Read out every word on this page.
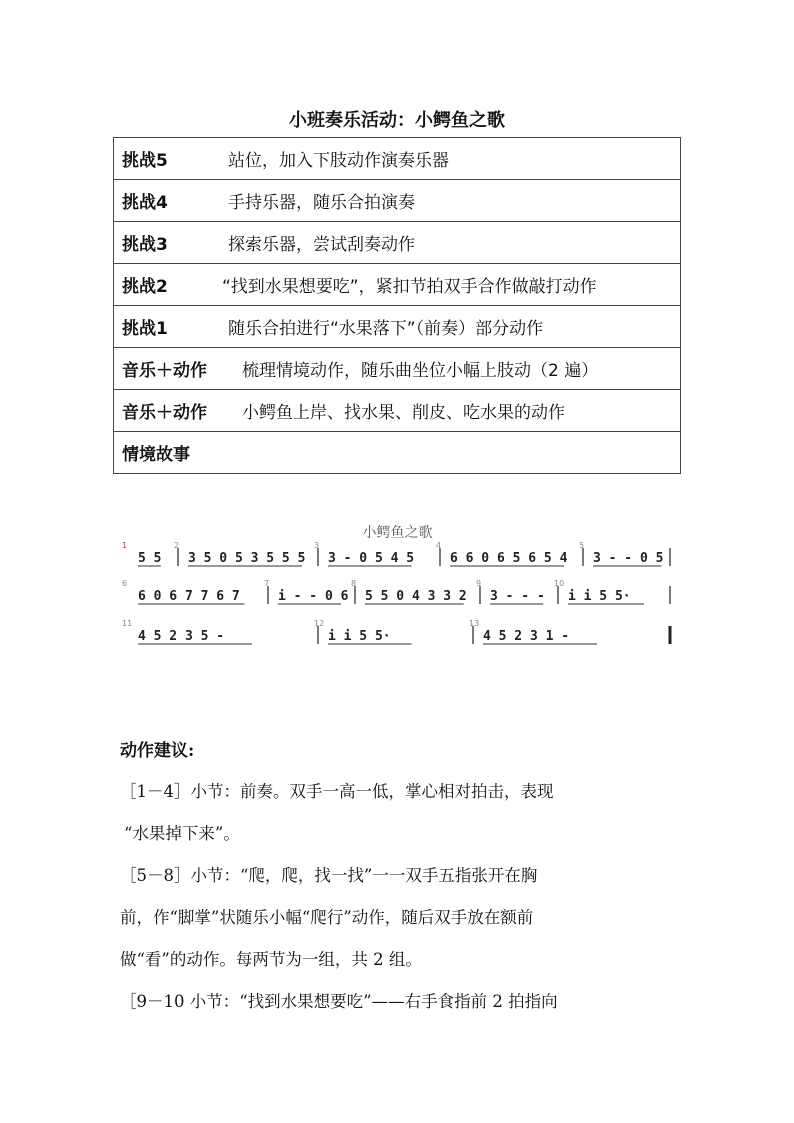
小班奏乐活动：小鳄鱼之歌
挑战5	站位，加入下肢动作演奏乐器
挑战4	手持乐器，随乐合拍演奏
挑战3	探索乐器，尝试刮奏动作
挑战2	“找到水果想要吃”，紧扣节拍双手合作做敲打动作
挑战1	随乐合拍进行“水果落下”（前奏）部分动作
音乐＋动作 梳理情境动作，随乐曲坐位小幅上肢动（2 遍）
音乐＋动作 小鳄鱼上岸、找水果、削皮、吃水果的动作
情境故事
小鳄鱼之歌
1
5 5
2
3 5 0 5 3 5 5 5
3
3 - 0 5 4 5
4
6 6 0 6 5 6 5 4
5
3 - - 0 5
6
6 0 6 7 7 6 7
7
i - - 0 6
8
5 5 0 4 3 3 2
9
3 - - -
10
i i 5 5·
11
4 5 2 3 5 -
12
i i 5 5·
13
4 5 2 3 1 -
动作建议:
［1－4］小节：前奏。双手一高一低，掌心相对拍击，表现
“水果掉下来”。
［5－8］小节：“爬，爬，找一找”一一双手五指张开在胸
前，作“脚掌”状随乐小幅“爬行”动作，随后双手放在额前
做“看”的动作。每两节为一组，共 2 组。
［9－10 小节：“找到水果想要吃”——右手食指前 2 拍指向
